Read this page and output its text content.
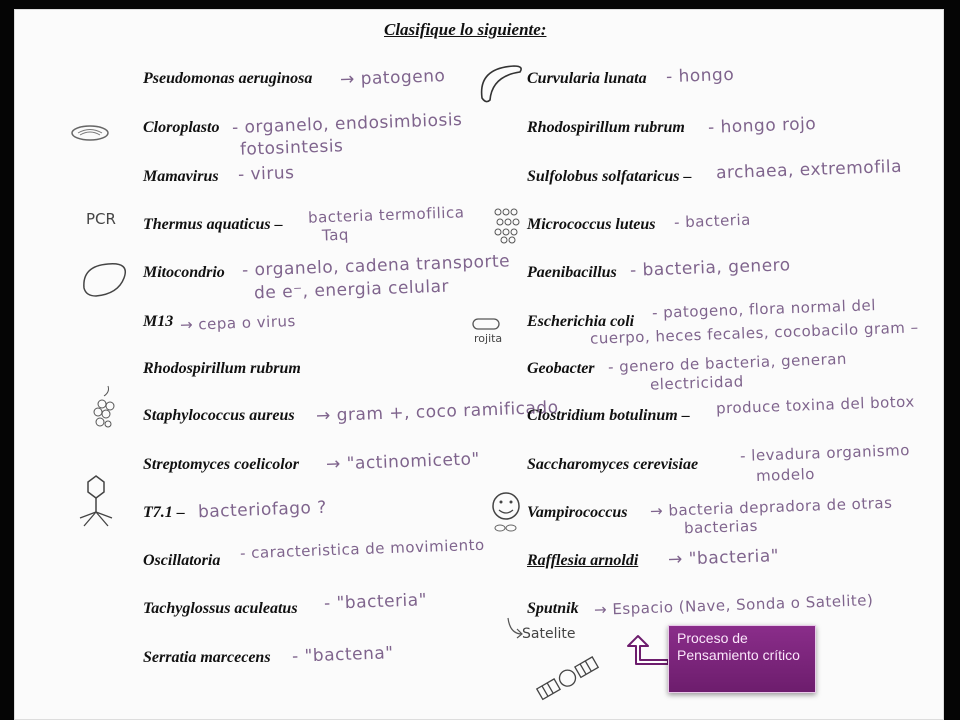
Clasifique lo siguiente:
Pseudomonas aeruginosa → patogeno
Cloroplasto - organelo, endosimbiosis
fotosintesis
Mamavirus - virus
Thermus aquaticus – bacteria termofilica
Taq
Mitocondrio - organelo, cadena transporte
de e⁻, energia celular
M13 → cepa o virus
Rhodospirillum rubrum
Staphylococcus aureus → gram +, coco ramificado
Streptomyces coelicolor → "actinomiceto"
T7.1 – bacteriofago ?
Oscillatoria - caracteristica de movimiento
Tachyglossus aculeatus - "bacteria"
Serratia marcecens - "bactena"
Curvularia lunata - hongo
Rhodospirillum rubrum - hongo rojo
Sulfolobus solfataricus – archaea, extremofila
Micrococcus luteus - bacteria
Paenibacillus - bacteria, genero
Escherichia coli - patogeno, flora normal del
cuerpo, heces fecales, cocobacilo gram –
Geobacter - genero de bacteria, generan
electricidad
Clostridium botulinum – produce toxina del botox
Saccharomyces cerevisiae	- levadura organismo
modelo
Vampirococcus → bacteria depradora de otras
bacterias
Rafflesia arnoldi → "bacteria"
Sputnik → Espacio (Nave, Sonda o Satelite)
PCR
rojita
Satelite	Proceso de Pensamiento crítico
